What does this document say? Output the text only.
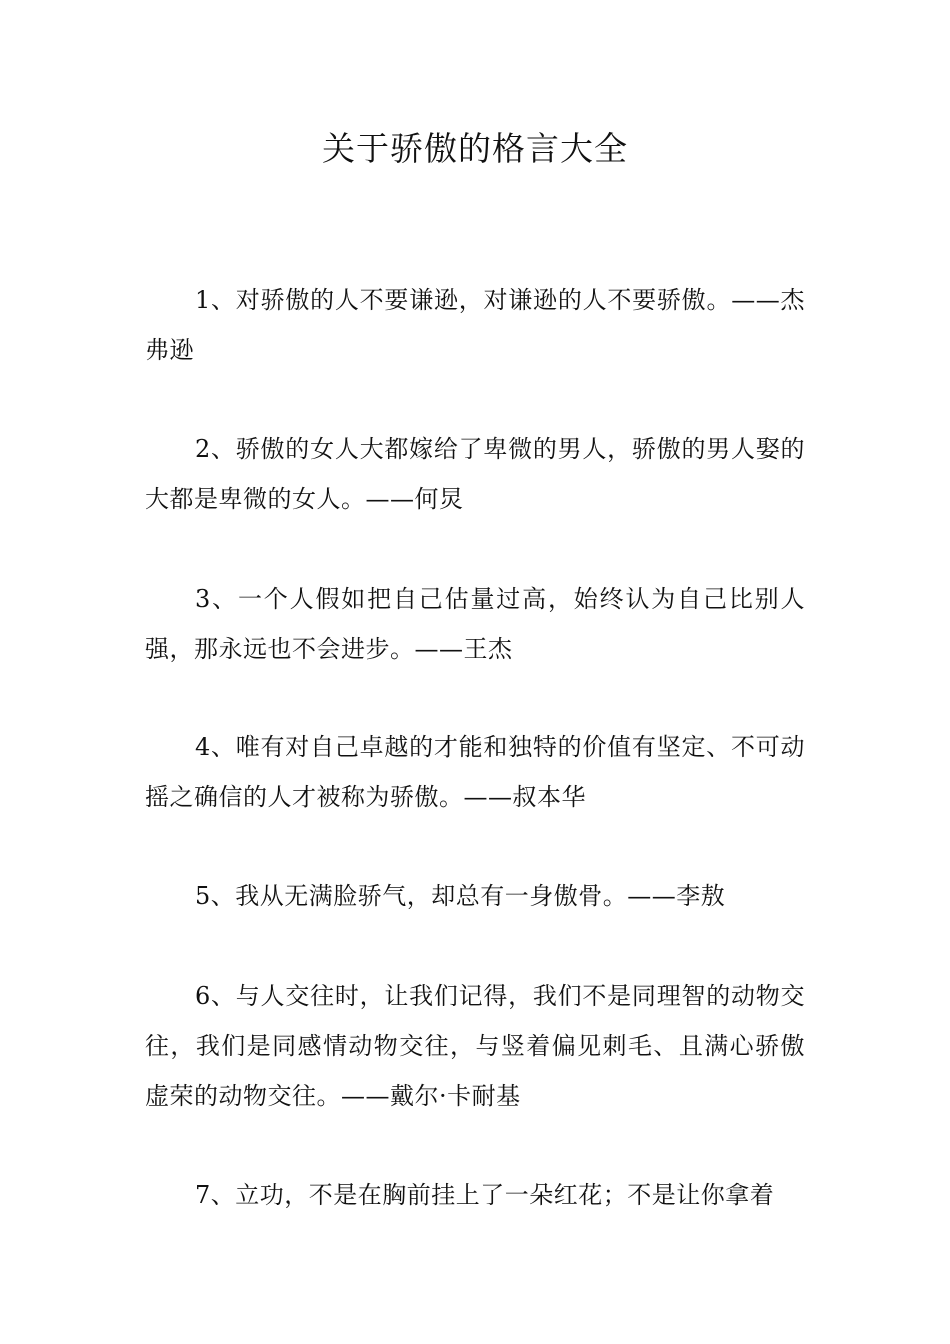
关于骄傲的格言大全

1、对骄傲的人不要谦逊，对谦逊的人不要骄傲。——杰弗逊

2、骄傲的女人大都嫁给了卑微的男人，骄傲的男人娶的大都是卑微的女人。——何炅

3、一个人假如把自己估量过高，始终认为自己比别人强，那永远也不会进步。——王杰

4、唯有对自己卓越的才能和独特的价值有坚定、不可动摇之确信的人才被称为骄傲。——叔本华

5、我从无满脸骄气，却总有一身傲骨。——李敖

6、与人交往时，让我们记得，我们不是同理智的动物交往，我们是同感情动物交往，与竖着偏见刺毛、且满心骄傲虚荣的动物交往。——戴尔·卡耐基

7、立功，不是在胸前挂上了一朵红花；不是让你拿着
